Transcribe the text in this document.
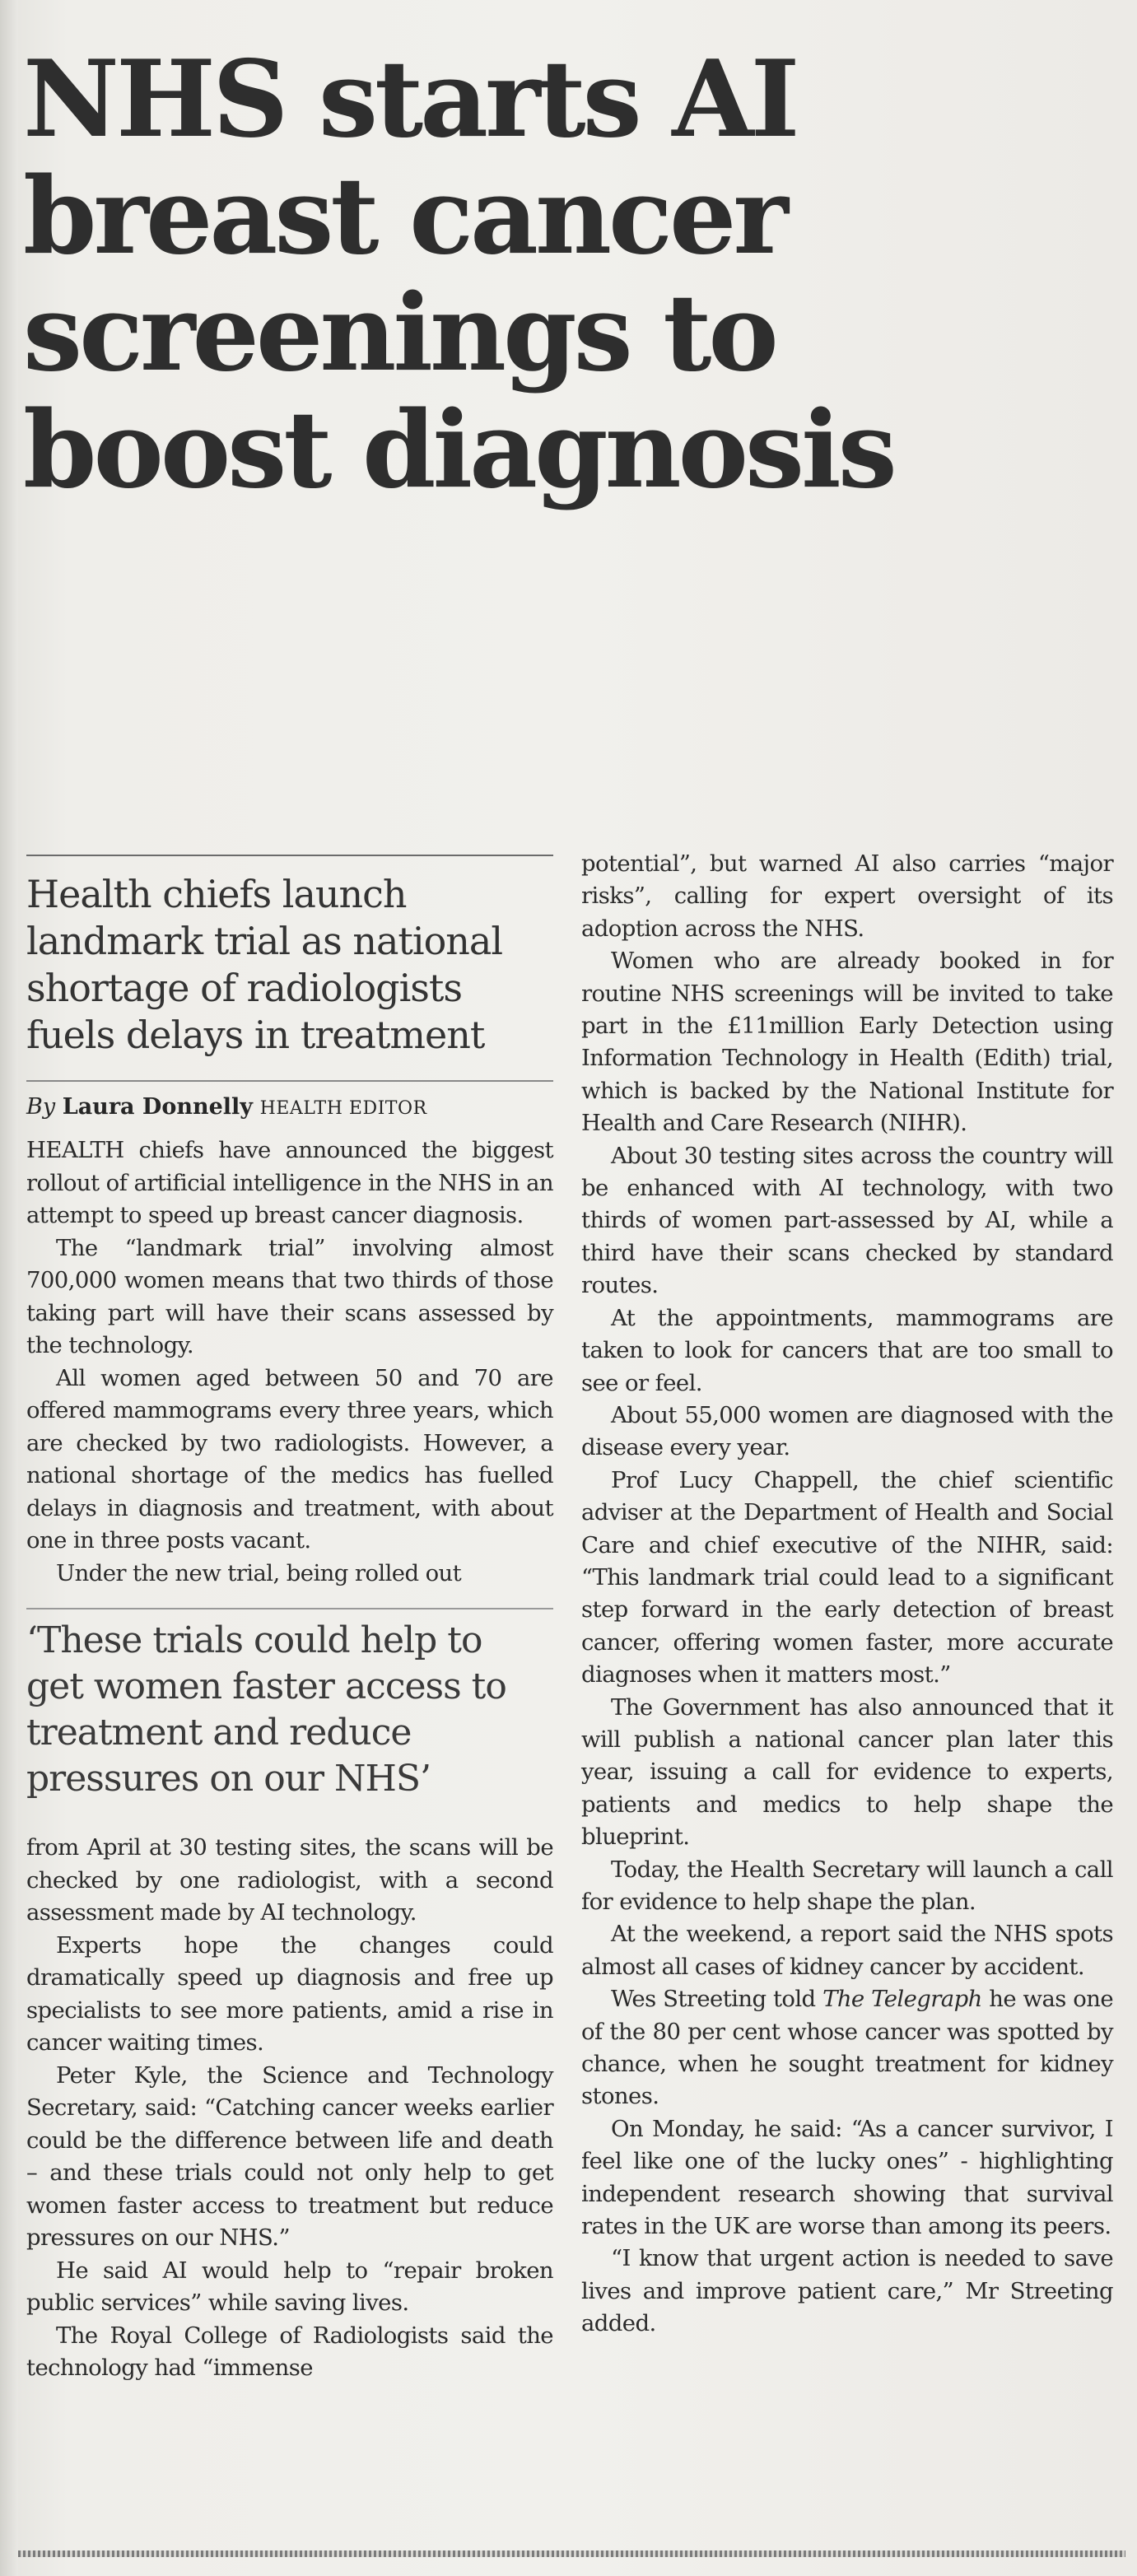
NHS starts AI
breast cancer
screenings to
boost diagnosis
Health chiefs launch
landmark trial as national
shortage of radiologists
fuels delays in treatment
By Laura Donnelly HEALTH EDITOR

HEALTH chiefs have announced the biggest rollout of artificial intelligence in the NHS in an attempt to speed up breast cancer diagnosis.

The “landmark trial” involving almost 700,000 women means that two thirds of those taking part will have their scans assessed by the technology.

All women aged between 50 and 70 are offered mammograms every three years, which are checked by two radiologists. However, a national shortage of the medics has fuelled delays in diagnosis and treatment, with about one in three posts vacant.

Under the new trial, being rolled out

‘These trials could help to
get women faster access to
treatment and reduce
pressures on our NHS’

from April at 30 testing sites, the scans will be checked by one radiologist, with a second assessment made by AI technology.

Experts hope the changes could dramatically speed up diagnosis and free up specialists to see more patients, amid a rise in cancer waiting times.

Peter Kyle, the Science and Technology Secretary, said: “Catching cancer weeks earlier could be the difference between life and death – and these trials could not only help to get women faster access to treatment but reduce pressures on our NHS.”

He said AI would help to “repair broken public services” while saving lives.

The Royal College of Radiologists said the technology had “immense

potential”, but warned AI also carries “major risks”, calling for expert oversight of its adoption across the NHS.

Women who are already booked in for routine NHS screenings will be invited to take part in the £11million Early Detection using Information Technology in Health (Edith) trial, which is backed by the National Institute for Health and Care Research (NIHR).

About 30 testing sites across the country will be enhanced with AI technology, with two thirds of women part-assessed by AI, while a third have their scans checked by standard routes.

At the appointments, mammograms are taken to look for cancers that are too small to see or feel.

About 55,000 women are diagnosed with the disease every year.

Prof Lucy Chappell, the chief scientific adviser at the Department of Health and Social Care and chief executive of the NIHR, said: “This landmark trial could lead to a significant step forward in the early detection of breast cancer, offering women faster, more accurate diagnoses when it matters most.”

The Government has also announced that it will publish a national cancer plan later this year, issuing a call for evidence to experts, patients and medics to help shape the blueprint.

Today, the Health Secretary will launch a call for evidence to help shape the plan.

At the weekend, a report said the NHS spots almost all cases of kidney cancer by accident.

Wes Streeting told The Telegraph he was one of the 80 per cent whose cancer was spotted by chance, when he sought treatment for kidney stones.

On Monday, he said: “As a cancer survivor, I feel like one of the lucky ones” - highlighting independent research showing that survival rates in the UK are worse than among its peers.

“I know that urgent action is needed to save lives and improve patient care,” Mr Streeting added.
